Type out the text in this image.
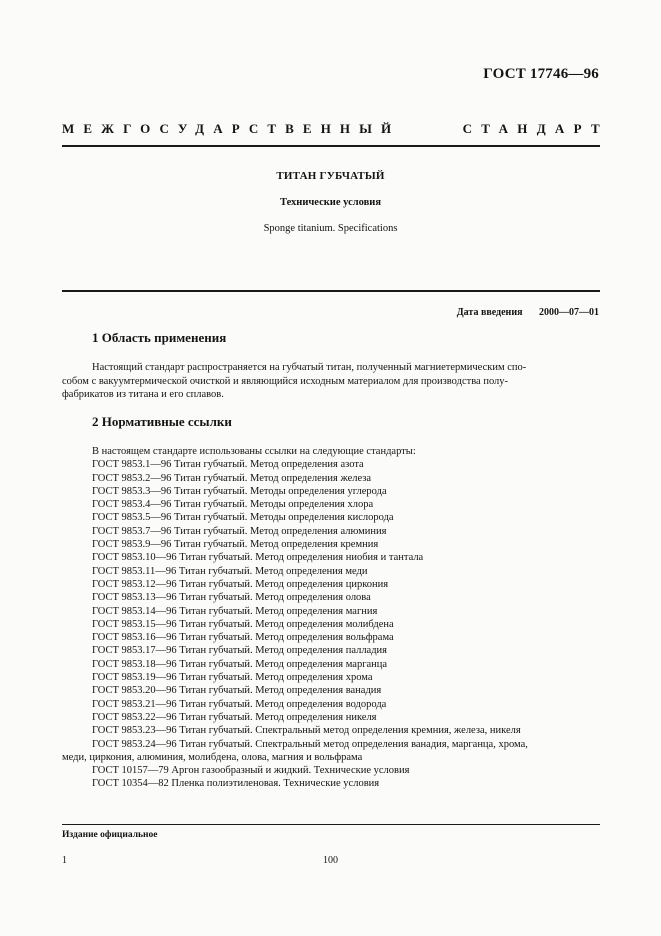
ГОСТ 17746—96
МЕЖГОСУДАРСТВЕННЫЙ	СТАНДАРТ
ТИТАН ГУБЧАТЫЙ
Технические условия
Sponge titanium. Specifications
Дата введения 2000—07—01
1 Область применения
Настоящий стандарт распространяется на губчатый титан, полученный магниетермическим спо-
собом с вакуумтермической очисткой и являющийся исходным материалом для производства полу-
фабрикатов из титана и его сплавов.
2 Нормативные ссылки
В настоящем стандарте использованы ссылки на следующие стандарты:
ГОСТ 9853.1—96 Титан губчатый. Метод определения азота
ГОСТ 9853.2—96 Титан губчатый. Метод определения железа
ГОСТ 9853.3—96 Титан губчатый. Методы определения углерода
ГОСТ 9853.4—96 Титан губчатый. Методы определения хлора
ГОСТ 9853.5—96 Титан губчатый. Методы определения кислорода
ГОСТ 9853.7—96 Титан губчатый. Метод определения алюминия
ГОСТ 9853.9—96 Титан губчатый. Метод определения кремния
ГОСТ 9853.10—96 Титан губчатый. Метод определения ниобия и тантала
ГОСТ 9853.11—96 Титан губчатый. Метод определения меди
ГОСТ 9853.12—96 Титан губчатый. Метод определения циркония
ГОСТ 9853.13—96 Титан губчатый. Метод определения олова
ГОСТ 9853.14—96 Титан губчатый. Метод определения магния
ГОСТ 9853.15—96 Титан губчатый. Метод определения молибдена
ГОСТ 9853.16—96 Титан губчатый. Метод определения вольфрама
ГОСТ 9853.17—96 Титан губчатый. Метод определения палладия
ГОСТ 9853.18—96 Титан губчатый. Метод определения марганца
ГОСТ 9853.19—96 Титан губчатый. Метод определения хрома
ГОСТ 9853.20—96 Титан губчатый. Метод определения ванадия
ГОСТ 9853.21—96 Титан губчатый. Метод определения водорода
ГОСТ 9853.22—96 Титан губчатый. Метод определения никеля
ГОСТ 9853.23—96 Титан губчатый. Спектральный метод определения кремния, железа, никеля
ГОСТ 9853.24—96 Титан губчатый. Спектральный метод определения ванадия, марганца, хрома,
меди, циркония, алюминия, молибдена, олова, магния и вольфрама
ГОСТ 10157—79 Аргон газообразный и жидкий. Технические условия
ГОСТ 10354—82 Пленка полиэтиленовая. Технические условия
Издание официальное
1	100
